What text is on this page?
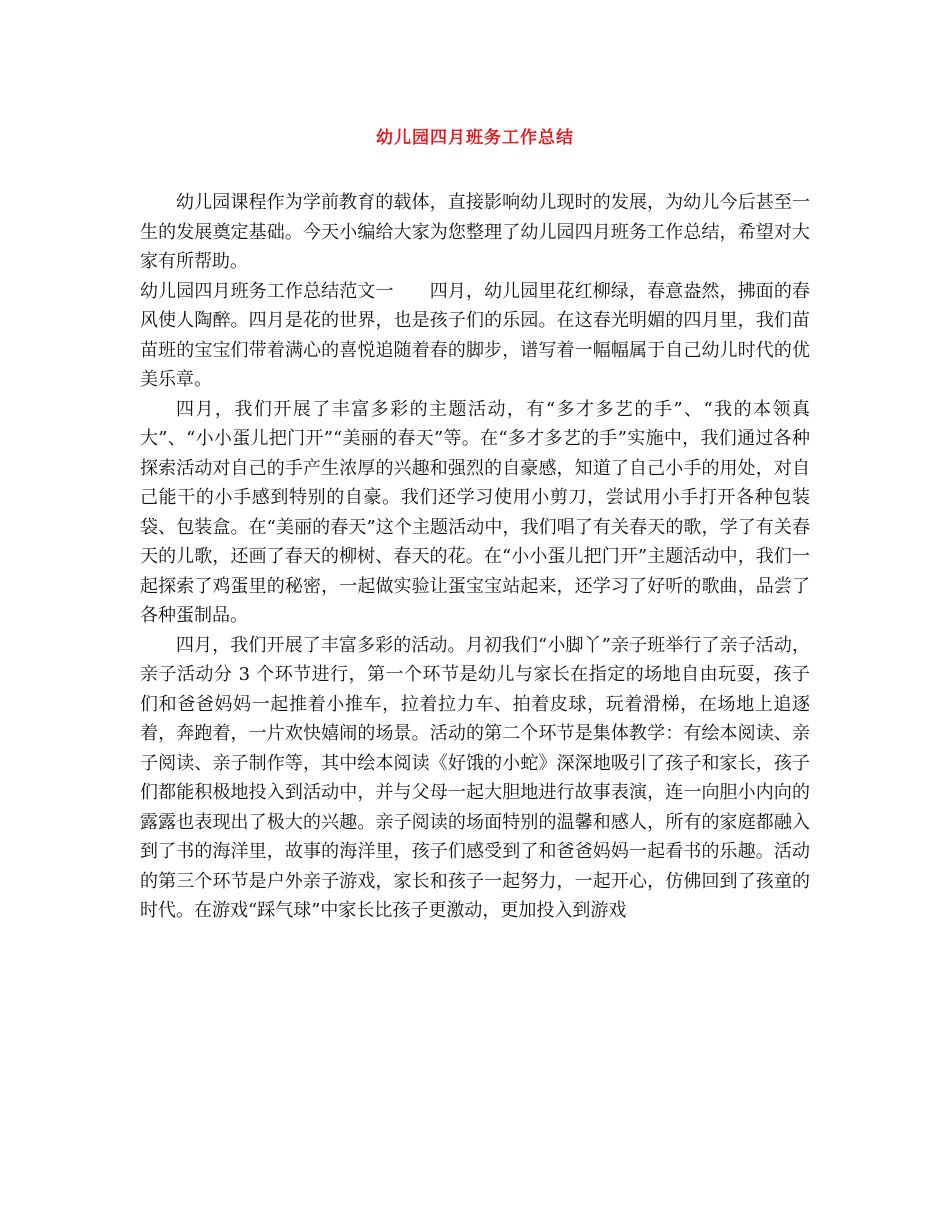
幼儿园四月班务工作总结

幼儿园课程作为学前教育的载体，直接影响幼儿现时的发展，为幼儿今后甚至一生的发展奠定基础。今天小编给大家为您整理了幼儿园四月班务工作总结，希望对大家有所帮助。

幼儿园四月班务工作总结范文一 四月，幼儿园里花红柳绿，春意盎然，拂面的春风使人陶醉。四月是花的世界，也是孩子们的乐园。在这春光明媚的四月里，我们苗苗班的宝宝们带着满心的喜悦追随着春的脚步，谱写着一幅幅属于自己幼儿时代的优美乐章。

四月，我们开展了丰富多彩的主题活动，有“多才多艺的手”、“我的本领真大”、“小小蛋儿把门开”“美丽的春天”等。在“多才多艺的手”实施中，我们通过各种探索活动对自己的手产生浓厚的兴趣和强烈的自豪感，知道了自己小手的用处，对自己能干的小手感到特别的自豪。我们还学习使用小剪刀，尝试用小手打开各种包装袋、包装盒。在“美丽的春天”这个主题活动中，我们唱了有关春天的歌，学了有关春天的儿歌，还画了春天的柳树、春天的花。在“小小蛋儿把门开”主题活动中，我们一起探索了鸡蛋里的秘密，一起做实验让蛋宝宝站起来，还学习了好听的歌曲，品尝了各种蛋制品。

四月，我们开展了丰富多彩的活动。月初我们“小脚丫”亲子班举行了亲子活动，亲子活动分 3 个环节进行，第一个环节是幼儿与家长在指定的场地自由玩耍，孩子们和爸爸妈妈一起推着小推车，拉着拉力车、拍着皮球，玩着滑梯，在场地上追逐着，奔跑着，一片欢快嬉闹的场景。活动的第二个环节是集体教学：有绘本阅读、亲子阅读、亲子制作等，其中绘本阅读《好饿的小蛇》深深地吸引了孩子和家长，孩子们都能积极地投入到活动中，并与父母一起大胆地进行故事表演，连一向胆小内向的露露也表现出了极大的兴趣。亲子阅读的场面特别的温馨和感人，所有的家庭都融入到了书的海洋里，故事的海洋里，孩子们感受到了和爸爸妈妈一起看书的乐趣。活动的第三个环节是户外亲子游戏，家长和孩子一起努力，一起开心，仿佛回到了孩童的时代。在游戏“踩气球”中家长比孩子更激动，更加投入到游戏
